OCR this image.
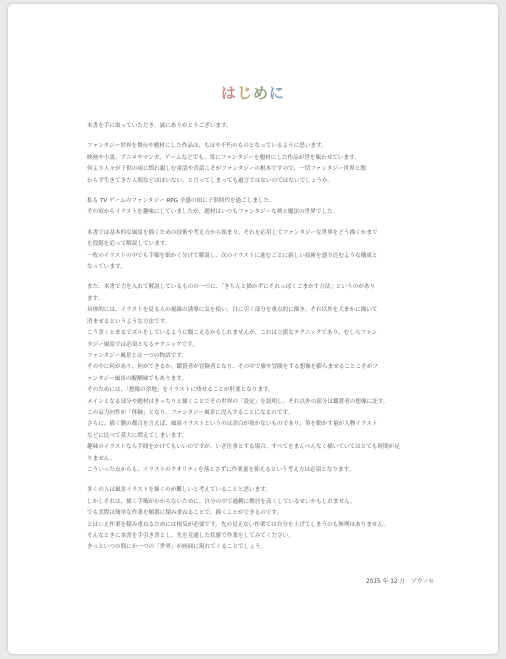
はじめに
本書を手に取っていただき、誠にありがとうございます。
ファンタジー世界を舞台や題材にした作品は、もはや不朽のものとなっているように思います。
映画や小説、アニメやマンガ、ゲームなどでも、常にファンタジーを題材にした作品が世を賑わせています。
何より人々が子供の頃に慣れ親しむ童話や昔話こそがファンタジーの根本ですので、一切ファンタジー世界と関
わらず生きてきた人間などほぼいない、と言ってしまっても過言ではないのではないでしょうか。
私も TV ゲームのファンタジー RPG 全盛の頃に子供時代を過ごしました。
その頃からイラストを趣味にしていましたが、題材はいつもファンタジーな剣と魔法の世界でした。
本書では基本的な風景を描くための技術や考え方から始まり、それを応用してファンタジーな世界をどう描くかまで
を段階を追って解説しています。
一枚のイラストの中でも手順を細かく分けて解説し、次のイラストに進むごとに新しい技術を盛り込むような構成と
なっています。
また、本書で力を入れて解説しているものの一つに、「きちんと描かずにそれっぽくごまかす方法」というのがあり
ます。
具体的には、イラストを見る人の視線の誘導に気を使い、目に引く部分を重点的に描き、それ以外を大まかに描いて
済ませるというような方法です。
こう書くとまるでズルをしているように聞こえるかもしれませんが、これは立派なテクニックであり、むしろファン
タジー風景では必須となるテクニックです。
ファンタジー風景とは一つの物語です。
その中に何があり、何ができるか。鑑賞者が冒険者となり、その中で旅や冒険をする想像を膨らませることこそがフ
ァンタジー風景の醍醐味でもあります。
そのためには、「想像の余地」をイラストに残せることが肝要となります。
メインとなる部分や題材はきっちりと描くことでその世界の「設定」を説明し、それ以外の部分は鑑賞者の想像に託す。
この妄力向性が「体験」となり、ファンタジー風景に没入することになるのです。
さらに、描く側の都合を言えば、風景イラストというのは余白が効かないものであり、筆を動かす量が人物イラスト
などに比べて莫大に増えてしまいます。
趣味のイラストなら手間をかけてもいいのですが、いざ仕事とする場合、すべてをまんべんなく描いていてはとても時間が足
りません。
こういった点からも、イラストのクオリティを落とさずに作業量を抑えるという考え方は必須となります。
多くの人は風景イラストを描くのが難しいと考えていることと思います。
しかしそれは、描く手順がわからないために、自分の中で過剰に敷居を高くしているせいかもしれません。
でも実際は簡単な作業を順番に積み重ねることで、描くことができるのです。
とはいえ作業を積み重ねるためには根気が必要です。先の見えない作業では自分を上げてしまうのも無理はありません。
そんなときに本書を手引き書とし、先を見通した状態で作業をしてみてください。
きっといつの間にか一つの「世界」が画面に現れてくることでしょう。
2015 年 12 月　ゾウノセ
